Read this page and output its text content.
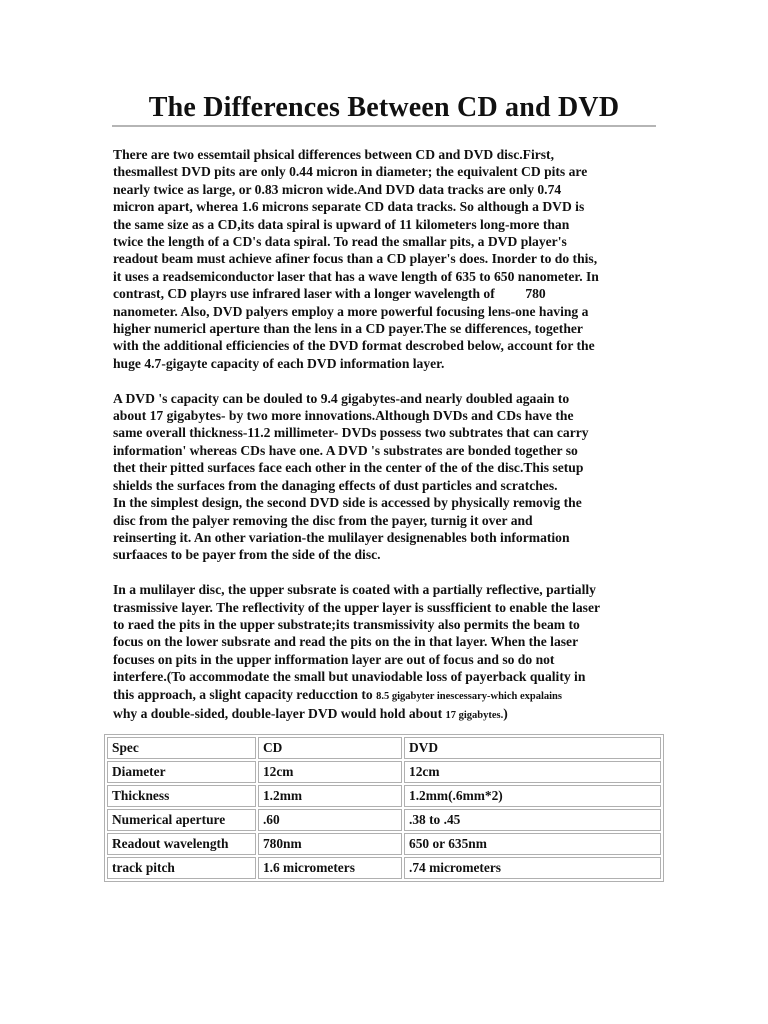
The Differences Between CD and DVD

There are two essemtail phsical differences between CD and DVD disc.First,
thesmallest DVD pits are only 0.44 micron in diameter; the equivalent CD pits are
nearly twice as large, or 0.83 micron wide.And DVD data tracks are only 0.74
micron apart, wherea 1.6 microns separate CD data tracks. So although a DVD is
the same size as a CD,its data spiral is upward of 11 kilometers long-more than
twice the length of a CD's data spiral. To read the smallar pits, a DVD player's
readout beam must achieve afiner focus than a CD player's does. Inorder to do this,
it uses a readsemiconductor laser that has a wave length of 635 to 650 nanometer. In
contrast, CD playrs use infrared laser with a longer wavelength of         780
nanometer. Also, DVD palyers employ a more powerful focusing lens-one having a
higher numericl aperture than the lens in a CD payer.The se differences, together
with the additional efficiencies of the DVD format descrobed below, account for the
huge 4.7-gigayte capacity of each DVD information layer.

A DVD 's capacity can be douled to 9.4 gigabytes-and nearly doubled agaain to
about 17 gigabytes- by two more innovations.Although DVDs and CDs have the
same overall thickness-11.2 millimeter- DVDs possess two subtrates that can carry
information' whereas CDs have one. A DVD 's substrates are bonded together so
thet their pitted surfaces face each other in the center of the of the disc.This setup
shields the surfaces from the danaging effects of dust particles and scratches.
In the simplest design, the second DVD side is accessed by physically removig the
disc from the palyer removing the disc from the payer, turnig it over and
reinserting it. An other variation-the mulilayer designenables both information
surfaaces to be payer from the side of the disc.

In a mulilayer disc, the upper subsrate is coated with a partially reflective, partially
trasmissive layer. The reflectivity of the upper layer is sussfficient to enable the laser
to raed the pits in the upper substrate;its transmissivity also permits the beam to
focus on the lower subsrate and read the pits on the in that layer. When the laser
focuses on pits in the upper infformation layer are out of focus and so do not
interfere.(To accommodate the small but unaviodable loss of payerback quality in
this approach, a slight capacity reducction to 8.5 gigabyter inescessary-which expalains
why a double-sided, double-layer DVD would hold about 17 gigabytes.)

Spec	CD	DVD
Diameter	12cm	12cm
Thickness	1.2mm	1.2mm(.6mm*2)
Numerical aperture	.60	.38 to .45
Readout wavelength	780nm	650 or 635nm
track pitch	1.6 micrometers	.74 micrometers
